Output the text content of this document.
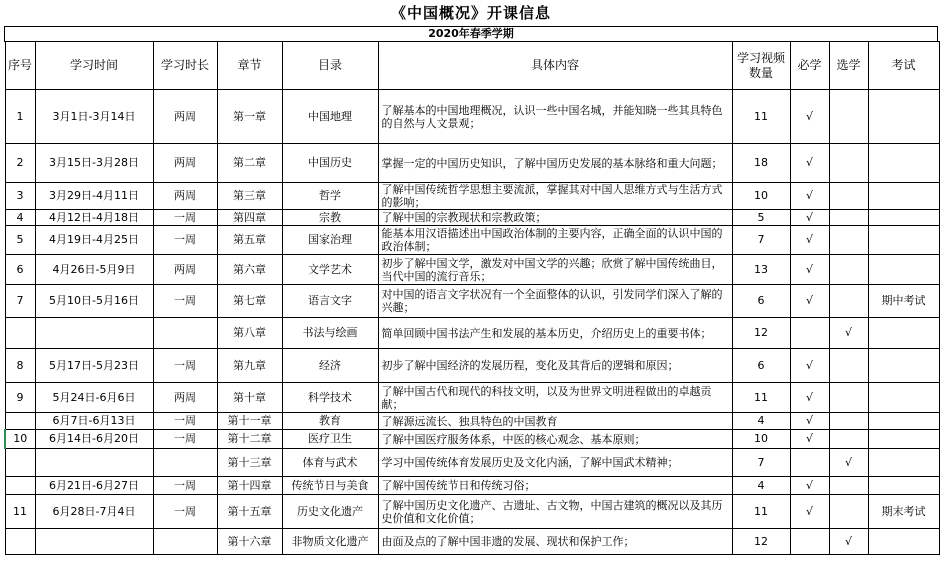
《中国概况》开课信息
2020年春季学期
序号	学习时间	学习时长	章节	目录	具体内容	学习视频数量	必学	选学	考试
1	3月1日-3月14日	两周	第一章	中国地理	了解基本的中国地理概况，认识一些中国名城，并能知晓一些其具特色的自然与人文景观；	11	√		
2	3月15日-3月28日	两周	第二章	中国历史	掌握一定的中国历史知识，了解中国历史发展的基本脉络和重大问题；	18	√		
3	3月29日-4月11日	两周	第三章	哲学	了解中国传统哲学思想主要流派，掌握其对中国人思维方式与生活方式的影响；	10	√		
4	4月12日-4月18日	一周	第四章	宗教	了解中国的宗教现状和宗教政策；	5	√		
5	4月19日-4月25日	一周	第五章	国家治理	能基本用汉语描述出中国政治体制的主要内容，正确全面的认识中国的政治体制；	7	√		
6	4月26日-5月9日	两周	第六章	文学艺术	初步了解中国文学，激发对中国文学的兴趣；欣赏了解中国传统曲目，当代中国的流行音乐；	13	√		
7	5月10日-5月16日	一周	第七章	语言文字	对中国的语言文字状况有一个全面整体的认识，引发同学们深入了解的兴趣；	6	√		期中考试
			第八章	书法与绘画	简单回顾中国书法产生和发展的基本历史，介绍历史上的重要书体；	12		√	
8	5月17日-5月23日	一周	第九章	经济	初步了解中国经济的发展历程，变化及其背后的逻辑和原因；	6	√		
9	5月24日-6月6日	两周	第十章	科学技术	了解中国古代和现代的科技文明，以及为世界文明进程做出的卓越贡献；	11	√		
	6月7日-6月13日	一周	第十一章	教育	了解源远流长、独具特色的中国教育	4	√		
10	6月14日-6月20日	一周	第十二章	医疗卫生	了解中国医疗服务体系，中医的核心观念、基本原则；	10	√		
			第十三章	体育与武术	学习中国传统体育发展历史及文化内涵，了解中国武术精神；	7		√	
	6月21日-6月27日	一周	第十四章	传统节日与美食	了解中国传统节日和传统习俗；	4	√		
11	6月28日-7月4日	一周	第十五章	历史文化遗产	了解中国历史文化遗产、古遗址、古文物，中国古建筑的概况以及其历史价值和文化价值；	11	√		期末考试
			第十六章	非物质文化遗产	由面及点的了解中国非遗的发展、现状和保护工作；	12		√	
